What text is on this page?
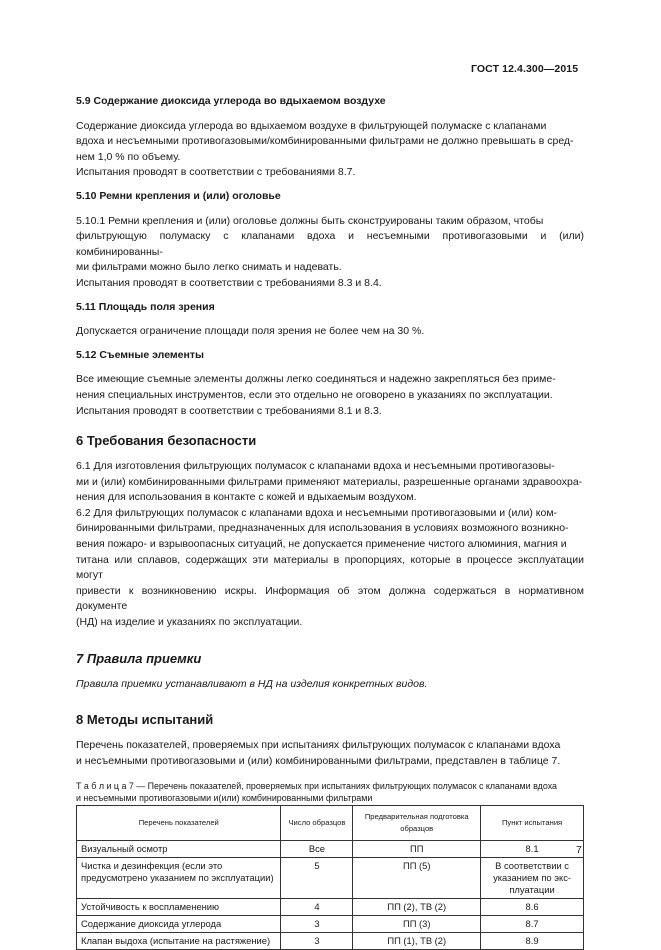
ГОСТ 12.4.300—2015
5.9 Содержание диоксида углерода во вдыхаемом воздухе

Содержание диоксида углерода во вдыхаемом воздухе в фильтрующей полумаске с клапанами

вдоха и несъемными противогазовыми/комбинированными фильтрами не должно превышать в сред-

нем 1,0 % по объему.

Испытания проводят в соответствии с требованиями 8.7.

5.10 Ремни крепления и (или) оголовье

5.10.1 Ремни крепления и (или) оголовье должны быть сконструированы таким образом, чтобы

фильтрующую полумаску с клапанами вдоха и несъемными противогазовыми и (или) комбинированны-

ми фильтрами можно было легко снимать и надевать.

Испытания проводят в соответствии с требованиями 8.3 и 8.4.

5.11 Площадь поля зрения

Допускается ограничение площади поля зрения не более чем на 30 %.

5.12 Съемные элементы

Все имеющие съемные элементы должны легко соединяться и надежно закрепляться без приме-

нения специальных инструментов, если это отдельно не оговорено в указаниях по эксплуатации.

Испытания проводят в соответствии с требованиями 8.1 и 8.3.

6 Требования безопасности

6.1 Для изготовления фильтрующих полумасок с клапанами вдоха и несъемными противогазовы-

ми и (или) комбинированными фильтрами применяют материалы, разрешенные органами здравоохра-

нения для использования в контакте с кожей и вдыхаемым воздухом.

6.2 Для фильтрующих полумасок с клапанами вдоха и несъемными противогазовыми и (или) ком-

бинированными фильтрами, предназначенных для использования в условиях возможного возникно-

вения пожаро- и взрывоопасных ситуаций, не допускается применение чистого алюминия, магния и

титана или сплавов, содержащих эти материалы в пропорциях, которые в процессе эксплуатации могут

привести к возникновению искры. Информация об этом должна содержаться в нормативном документе

(НД) на изделие и указаниях по эксплуатации.

7 Правила приемки

Правила приемки устанавливают в НД на изделия конкретных видов.

8 Методы испытаний

Перечень показателей, проверяемых при испытаниях фильтрующих полумасок с клапанами вдоха

и несъемными противогазовыми и (или) комбинированными фильтрами, представлен в таблице 7.

Т а б л и ц а 7 — Перечень показателей, проверяемых при испытаниях фильтрующих полумасок с клапанами вдоха
и несъемными противогазовыми и(или) комбинированными фильтрами
Перечень показателей	Число образцов	Предварительная подготовка образцов	Пункт испытания
Визуальный осмотр	Все	ПП	8.1
Чистка и дезинфекция (если это предусмотрено указанием по эксплуатации)	5	ПП (5)	В соответствии с указанием по экс-плуатации
Устойчивость к воспламенению	4	ПП (2), ТВ (2)	8.6
Содержание диоксида углерода	3	ПП (3)	8.7
Клапан выдоха (испытание на растяжение)	3	ПП (1), ТВ (2)	8.9
7
